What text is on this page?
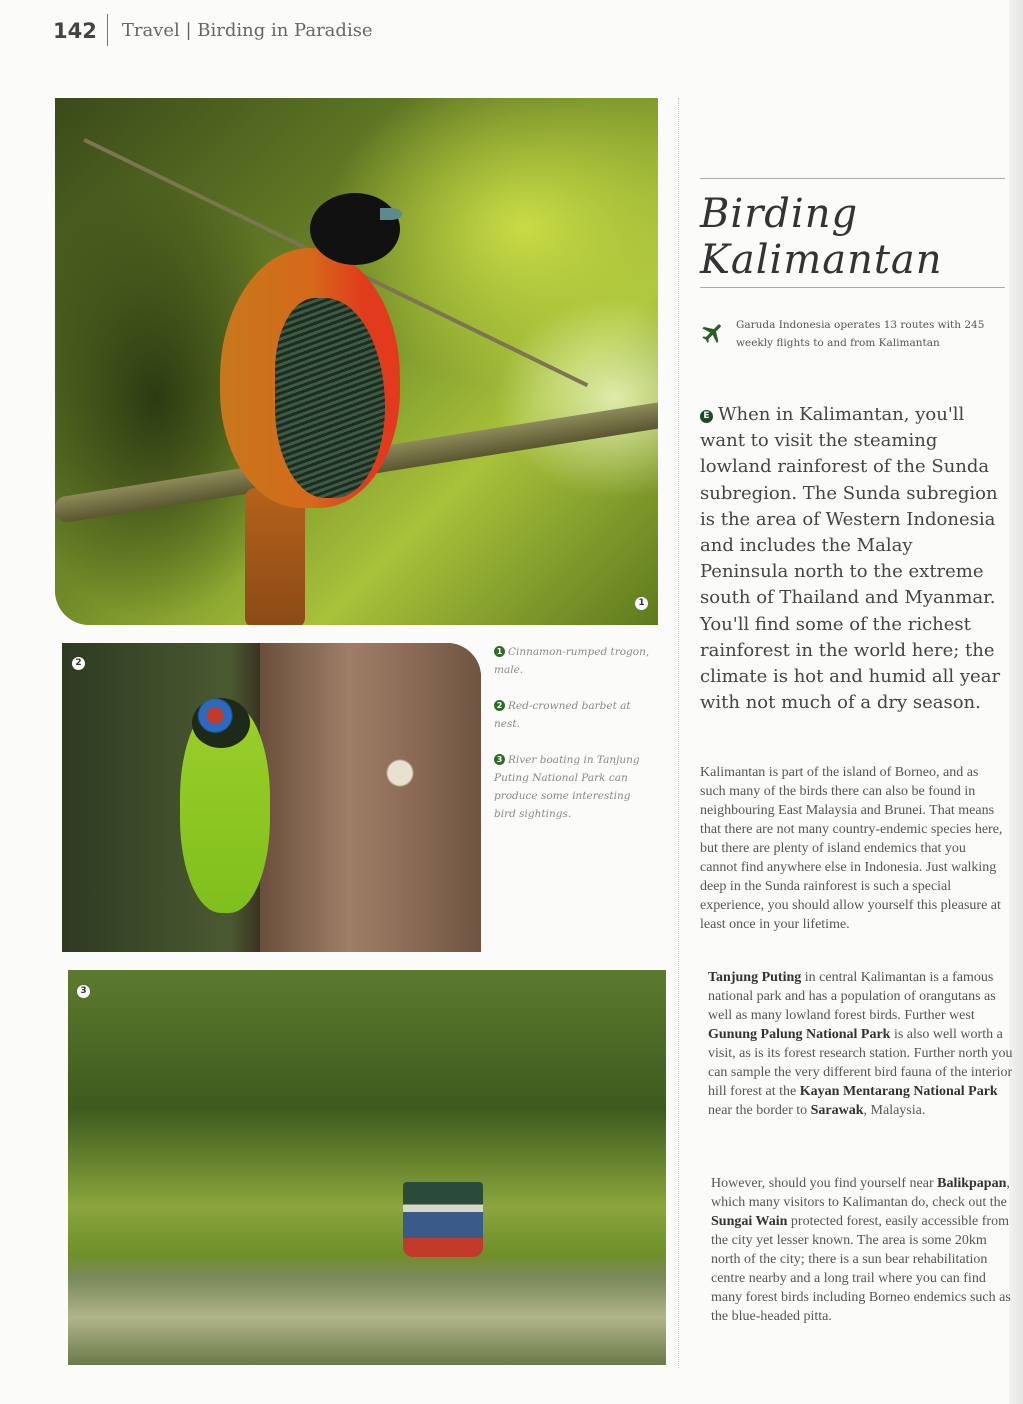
142	Travel | Birding in Paradise
1
2
3

1 Cinnamon-rumped trogon, male.

2 Red-crowned barbet at nest.

3 River boating in Tanjung Puting National Park can produce some interesting bird sightings.

Birding
Kalimantan
Garuda Indonesia operates 13 routes with 245 weekly flights to and from Kalimantan
E When in Kalimantan, you'll want to visit the steaming lowland rainforest of the Sunda subregion. The Sunda subregion is the area of Western Indonesia and includes the Malay Peninsula north to the extreme south of Thailand and Myanmar. You'll find some of the richest rainforest in the world here; the climate is hot and humid all year with not much of a dry season.
Kalimantan is part of the island of Borneo, and as such many of the birds there can also be found in neighbouring East Malaysia and Brunei. That means that there are not many country-endemic species here, but there are plenty of island endemics that you cannot find anywhere else in Indonesia. Just walking deep in the Sunda rainforest is such a special experience, you should allow yourself this pleasure at least once in your lifetime.
Tanjung Puting in central Kalimantan is a famous national park and has a population of orangutans as well as many lowland forest birds. Further west Gunung Palung National Park is also well worth a visit, as is its forest research station. Further north you can sample the very different bird fauna of the interior hill forest at the Kayan Mentarang National Park near the border to Sarawak, Malaysia.
However, should you find yourself near Balikpapan, which many visitors to Kalimantan do, check out the Sungai Wain protected forest, easily accessible from the city yet lesser known. The area is some 20km north of the city; there is a sun bear rehabilitation centre nearby and a long trail where you can find many forest birds including Borneo endemics such as the blue-headed pitta.
